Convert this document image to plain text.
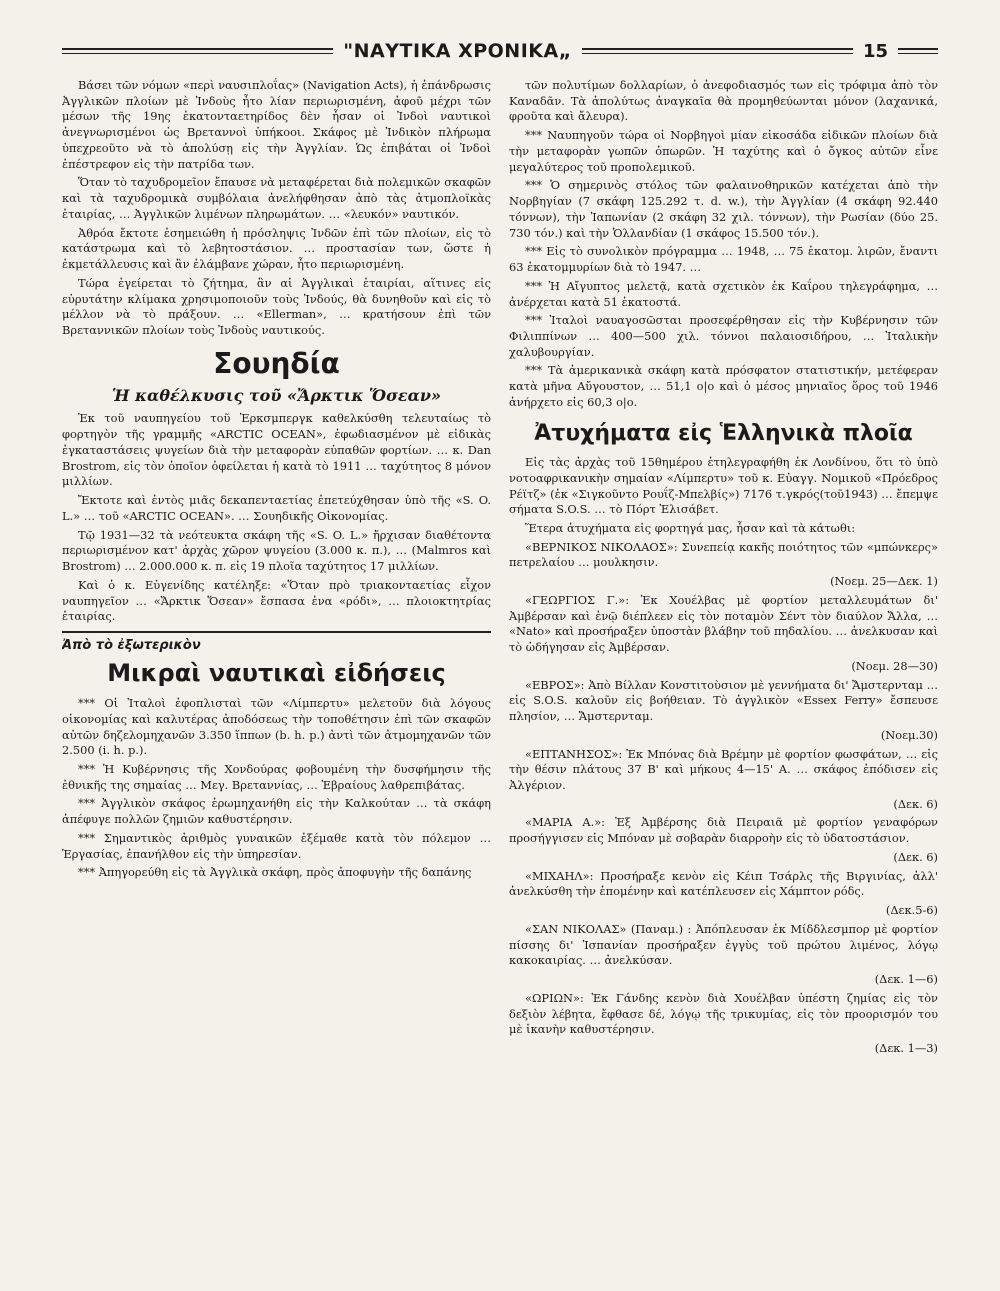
"ΝΑΥΤΙΚΑ ΧΡΟΝΙΚΑ„	15

Βάσει τῶν νόμων «περὶ ναυσιπλοΐας» (Navigation Acts), ἡ ἐπάνδρωσις Ἀγγλικῶν πλοίων μὲ Ἰνδοὺς ἦτο λίαν περιωρισμένη, ἀφοῦ μέχρι τῶν μέσων τῆς 19ης ἑκατονταετηρίδος δὲν ἦσαν οἱ Ἰνδοὶ ναυτικοὶ ἀνεγνωρισμένοι ὡς Βρεταννοὶ ὑπήκοοι. Σκάφος μὲ Ἰνδικὸν πλήρωμα ὑπεχρεοῦτο νὰ τὸ ἀπολύσῃ εἰς τὴν Ἀγγλίαν. Ὡς ἐπιβάται οἱ Ἰνδοὶ ἐπέστρεφον εἰς τὴν πατρίδα των.

Ὅταν τὸ ταχυδρομεῖον ἔπαυσε νὰ μεταφέρεται διὰ πολεμικῶν σκαφῶν καὶ τὰ ταχυδρομικὰ συμβόλαια ἀνελήφθησαν ἀπὸ τὰς ἀτμοπλοϊκὰς ἑταιρίας, … Ἀγγλικῶν λιμένων πληρωμάτων. … «λευκόν» ναυτικόν.

Ἀθρόα ἔκτοτε ἐσημειώθη ἡ πρόσληψις Ἰνδῶν ἐπὶ τῶν πλοίων, εἰς τὸ κατάστρωμα καὶ τὸ λεβητοστάσιον. … προστασίαν των, ὥστε ἡ ἐκμετάλλευσις καὶ ἂν ἐλάμβανε χώραν, ἦτο περιωρισμένη.

Τώρα ἐγείρεται τὸ ζήτημα, ἂν αἱ Ἀγγλικαὶ ἑταιρίαι, αἵτινες εἰς εὐρυτάτην κλίμακα χρησιμοποιοῦν τοὺς Ἰνδούς, θὰ δυνηθοῦν καὶ εἰς τὸ μέλλον νὰ τὸ πράξουν. … «Ellerman», … κρατήσουν ἐπὶ τῶν Βρεταννικῶν πλοίων τοὺς Ἰνδοὺς ναυτικούς.

Σουηδία
Ἡ καθέλκυσις τοῦ «Ἄρκτικ Ὅσεαν»

Ἐκ τοῦ ναυπηγείου τοῦ Ἐρκσμπεργκ καθελκύσθη τελευταίως τὸ φορτηγὸν τῆς γραμμῆς «ARCTIC OCEAN», ἐφωδιασμένον μὲ εἰδικὰς ἐγκαταστάσεις ψυγείων διὰ τὴν μεταφορὰν εὐπαθῶν φορτίων. … κ. Dan Brostrom, εἰς τὸν ὁποῖον ὀφείλεται ἡ κατὰ τὸ 1911 … ταχύτητος 8 μόνον μιλλίων.

Ἔκτοτε καὶ ἐντὸς μιᾶς δεκαπενταετίας ἐπετεύχθησαν ὑπὸ τῆς «S. O. L.» … τοῦ «ARCTIC OCEAN». … Σουηδικῆς Οἰκονομίας.

Τῷ 1931—32 τὰ νεότευκτα σκάφη τῆς «S. O. L.» ἤρχισαν διαθέτοντα περιωρισμένον κατ' ἀρχὰς χῶρον ψυγείου (3.000 κ. π.), … (Malmros καὶ Brostrom) … 2.000.000 κ. π. εἰς 19 πλοῖα ταχύτητος 17 μιλλίων.

Καὶ ὁ κ. Εὐγενίδης κατέληξε: «Ὅταν πρὸ τριακονταετίας εἶχον ναυπηγεῖον … «Ἄρκτικ Ὅσεαν» ἔσπασα ἐνα «ρόδι», … πλοιοκτητρίας ἑταιρίας.

Ἀπὸ τὸ ἐξωτερικὸν
Μικραὶ ναυτικαὶ εἰδήσεις

*** Οἱ Ἰταλοὶ ἐφοπλισταὶ τῶν «Λίμπερτυ» μελετοῦν διὰ λόγους οἰκονομίας καὶ καλυτέρας ἀποδόσεως τὴν τοποθέτησιν ἐπὶ τῶν σκαφῶν αὐτῶν δηζελομηχανῶν 3.350 ἵππων (b. h. p.) ἀντὶ τῶν ἀτμομηχανῶν τῶν 2.500 (i. h. p.).

*** Ἡ Κυβέρνησις τῆς Χονδούρας φοβουμένη τὴν δυσφήμησιν τῆς ἐθνικῆς της σημαίας … Μεγ. Βρεταννίας, … Ἑβραίους λαθρεπιβάτας.

*** Ἀγγλικὸν σκάφος ἐρωμηχανήθη εἰς τὴν Καλκούταν … τὰ σκάφη ἀπέφυγε πολλῶν ζημιῶν καθυστέρησιν.

*** Σημαντικὸς ἀριθμὸς γυναικῶν ἐξέμαθε κατὰ τὸν πόλεμον … Ἐργασίας, ἐπανήλθον εἰς τὴν ὑπηρεσίαν.

*** Ἀπηγορεύθη εἰς τὰ Ἀγγλικὰ σκάφη, πρὸς ἀποφυγὴν τῆς δαπάνης

τῶν πολυτίμων δολλαρίων, ὁ ἀνεφοδιασμός των εἰς τρόφιμα ἀπὸ τὸν Καναδᾶν. Τὰ ἀπολύτως ἀναγκαῖα θὰ προμηθεύωνται μόνον (λαχανικά, φροῦτα καὶ ἄλευρα).

*** Ναυπηγοῦν τώρα οἱ Νορβηγοὶ μίαν εἰκοσάδα εἰδικῶν πλοίων διὰ τὴν μεταφορὰν γωπῶν ὀπωρῶν. Ἡ ταχύτης καὶ ὁ ὄγκος αὐτῶν εἶνε μεγαλύτερος τοῦ προπολεμικοῦ.

*** Ὁ σημερινὸς στόλος τῶν φαλαινοθηρικῶν κατέχεται ἀπὸ τὴν Νορβηγίαν (7 σκάφη 125.292 τ. d. w.), τὴν Ἀγγλίαν (4 σκάφη 92.440 τόννων), τὴν Ἰαπωνίαν (2 σκάφη 32 χιλ. τόννων), τὴν Ρωσίαν (δύο 25. 730 τόν.) καὶ τὴν Ὁλλανδίαν (1 σκάφος 15.500 τόν.).

*** Εἰς τὸ συνολικὸν πρόγραμμα … 1948, … 75 ἑκατομ. λιρῶν, ἔναντι 63 ἑκατομμυρίων διὰ τὸ 1947. …

*** Ἡ Αἴγυπτος μελετᾷ, κατὰ σχετικὸν ἐκ Καΐρου τηλεγράφημα, … ἀνέρχεται κατὰ 51 ἑκατοστά.

*** Ἰταλοὶ ναυαγοσῶσται προσεφέρθησαν εἰς τὴν Κυβέρνησιν τῶν Φιλιππίνων … 400—500 χιλ. τόννοι παλαιοσιδήρου, … Ἰταλικὴν χαλυβουργίαν.

*** Τὰ ἀμερικανικὰ σκάφη κατὰ πρόσφατον στατιστικήν, μετέφεραν κατὰ μῆνα Αὔγουστον, … 51,1 ο|ο καὶ ὁ μέσος μηνιαῖος ὅρος τοῦ 1946 ἀνήρχετο εἰς 60,3 ο|ο.

Ἀτυχήματα εἰς Ἑλληνικὰ πλοῖα

Εἰς τὰς ἀρχὰς τοῦ 15θημέρου ἐτηλεγραφήθη ἐκ Λονδίνου, ὅτι τὸ ὑπὸ νοτοαφρικανικὴν σημαίαν «Λίμπερτυ» τοῦ κ. Εὐαγγ. Νομικοῦ «Πρόεδρος Ρέϊτζ» (ἐκ «Σιγκοῦντο Ρουΐζ-Μπελβίς») 7176 τ.γκρός(τοῦ1943) … ἔπεμψε σήματα S.O.S. … τὸ Πόρτ Ἐλισάβετ.

Ἕτερα ἀτυχήματα εἰς φορτηγά μας, ἦσαν καὶ τὰ κάτωθι:

«ΒΕΡΝΙΚΟΣ ΝΙΚΟΛΑΟΣ»: Συνεπείᾳ κακῆς ποιότητος τῶν «μπώνκερς» πετρελαίου … μουλκησιν.

(Νοεμ. 25—Δεκ. 1)

«ΓΕΩΡΓΙΟΣ Γ.»: Ἐκ Χουέλβας μὲ φορτίον μεταλλευμάτων δι' Ἀμβέρσαν καὶ ἐνῷ διέπλεεν εἰς τὸν ποταμὸν Σέντ τὸν διαύλον Ἄλλα, … «Νato» καὶ προσήραξεν ὑποστὰν βλάβην τοῦ πηδαλίου. … ἀνελκυσαν καὶ τὸ ὡδήγησαν εἰς Ἀμβέρσαν.

(Νοεμ. 28—30)

«ΕΒΡΟΣ»: Ἀπὸ Βίλλαν Κονστιτοὺσιον μὲ γεννήματα δι' Ἄμστερνταμ … εἰς S.O.S. καλοῦν εἰς βοήθειαν. Τὸ ἀγγλικὸν «Essex Ferry» ἔσπευσε πλησίον, … Ἄμστερνταμ.

(Νοεμ.30)

«ΕΠΤΑΝΗΣΟΣ»: Ἐκ Μπόνας διὰ Βρέμην μὲ φορτίον φωσφάτων, … εἰς τὴν θέσιν πλάτους 37 Β' καὶ μήκους 4—15' Α. … σκάφος ἐπόδισεν εἰς Ἀλγέριον.

(Δεκ. 6)

«ΜΑΡΙΑ Α.»: Ἐξ Ἀμβέρσης διὰ Πειραιᾶ μὲ φορτίον γεναφόρων προσήγγισεν εἰς Μπόναν μὲ σοβαρὰν διαρροὴν εἰς τὸ ὑδατοστάσιον.

(Δεκ. 6)

«ΜΙΧΑΗΛ»: Προσήραξε κενὸν εἰς Κέιπ Τσάρλς τῆς Βιργινίας, ἀλλ' ἀνελκύσθη τὴν ἑπομένην καὶ κατέπλευσεν εἰς Χάμπτον ρόδς.

(Δεκ.5-6)

«ΣΑΝ ΝΙΚΟΛΑΣ» (Παναμ.) : Ἀπόπλευσαν ἐκ Μίδδλεσμπορ μὲ φορτίον πίσσης δι' Ἰσπανίαν προσήραξεν ἐγγὺς τοῦ πρώτου λιμένος, λόγῳ κακοκαιρίας. … ἀνελκύσαν.

(Δεκ. 1—6)

«ΩΡΙΩΝ»: Ἐκ Γάνδης κενὸν διὰ Χουέλβαν ὑπέστη ζημίας εἰς τὸν δεξιὸν λέβητα, ἔφθασε δέ, λόγῳ τῆς τρικυμίας, εἰς τὸν προορισμόν του μὲ ἱκανὴν καθυστέρησιν.

(Δεκ. 1—3)
